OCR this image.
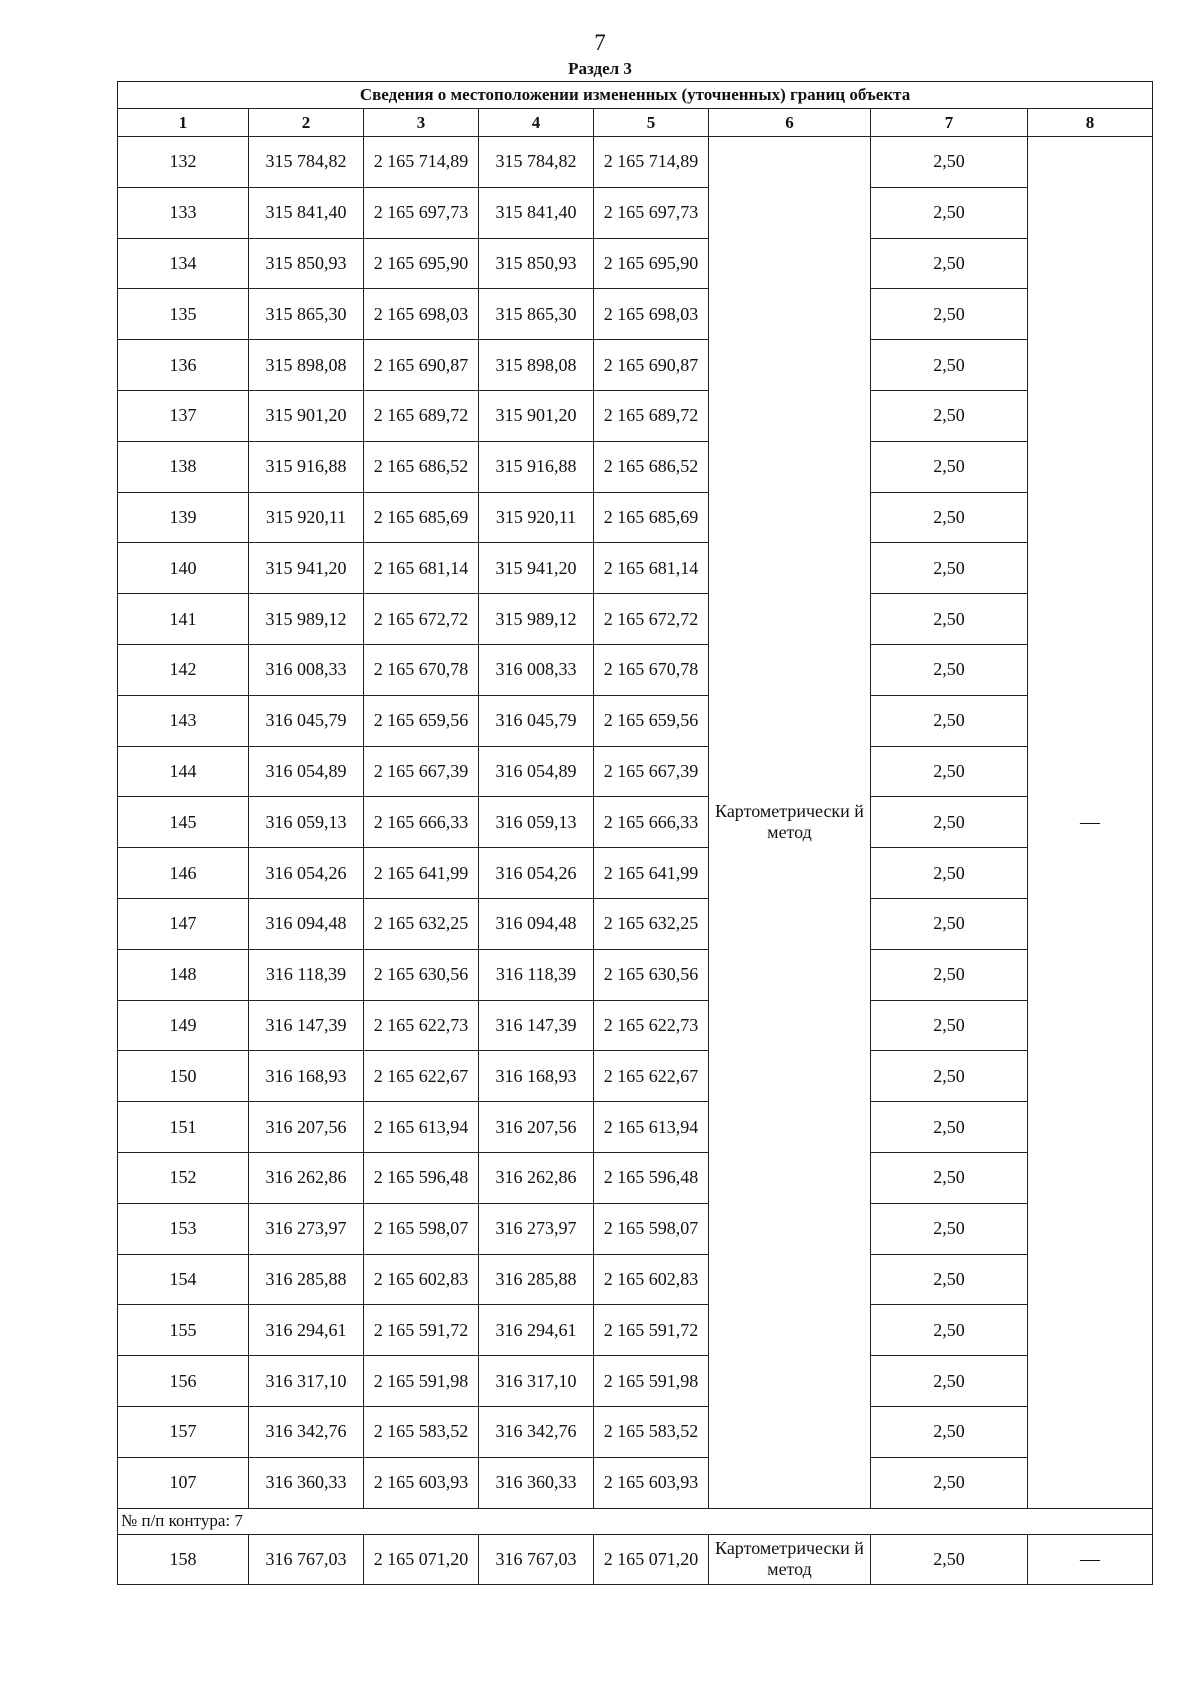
7
Раздел 3
Сведения о местоположении измененных (уточненных) границ объекта							
1	2	3	4	5	6	7	8
132	315 784,82	2 165 714,89	315 784,82	2 165 714,89	Картометрически й метод	2,50	—
133	315 841,40	2 165 697,73	315 841,40	2 165 697,73		2,50	
134	315 850,93	2 165 695,90	315 850,93	2 165 695,90		2,50	
135	315 865,30	2 165 698,03	315 865,30	2 165 698,03		2,50	
136	315 898,08	2 165 690,87	315 898,08	2 165 690,87		2,50	
137	315 901,20	2 165 689,72	315 901,20	2 165 689,72		2,50	
138	315 916,88	2 165 686,52	315 916,88	2 165 686,52		2,50	
139	315 920,11	2 165 685,69	315 920,11	2 165 685,69		2,50	
140	315 941,20	2 165 681,14	315 941,20	2 165 681,14		2,50	
141	315 989,12	2 165 672,72	315 989,12	2 165 672,72		2,50	
142	316 008,33	2 165 670,78	316 008,33	2 165 670,78		2,50	
143	316 045,79	2 165 659,56	316 045,79	2 165 659,56		2,50	
144	316 054,89	2 165 667,39	316 054,89	2 165 667,39		2,50	
145	316 059,13	2 165 666,33	316 059,13	2 165 666,33		2,50	
146	316 054,26	2 165 641,99	316 054,26	2 165 641,99		2,50	
147	316 094,48	2 165 632,25	316 094,48	2 165 632,25		2,50	
148	316 118,39	2 165 630,56	316 118,39	2 165 630,56		2,50	
149	316 147,39	2 165 622,73	316 147,39	2 165 622,73		2,50	
150	316 168,93	2 165 622,67	316 168,93	2 165 622,67		2,50	
151	316 207,56	2 165 613,94	316 207,56	2 165 613,94		2,50	
152	316 262,86	2 165 596,48	316 262,86	2 165 596,48		2,50	
153	316 273,97	2 165 598,07	316 273,97	2 165 598,07		2,50	
154	316 285,88	2 165 602,83	316 285,88	2 165 602,83		2,50	
155	316 294,61	2 165 591,72	316 294,61	2 165 591,72		2,50	
156	316 317,10	2 165 591,98	316 317,10	2 165 591,98		2,50	
157	316 342,76	2 165 583,52	316 342,76	2 165 583,52		2,50	
107	316 360,33	2 165 603,93	316 360,33	2 165 603,93		2,50	
№ п/п контура: 7							
158	316 767,03	2 165 071,20	316 767,03	2 165 071,20	Картометрически й метод	2,50	—
